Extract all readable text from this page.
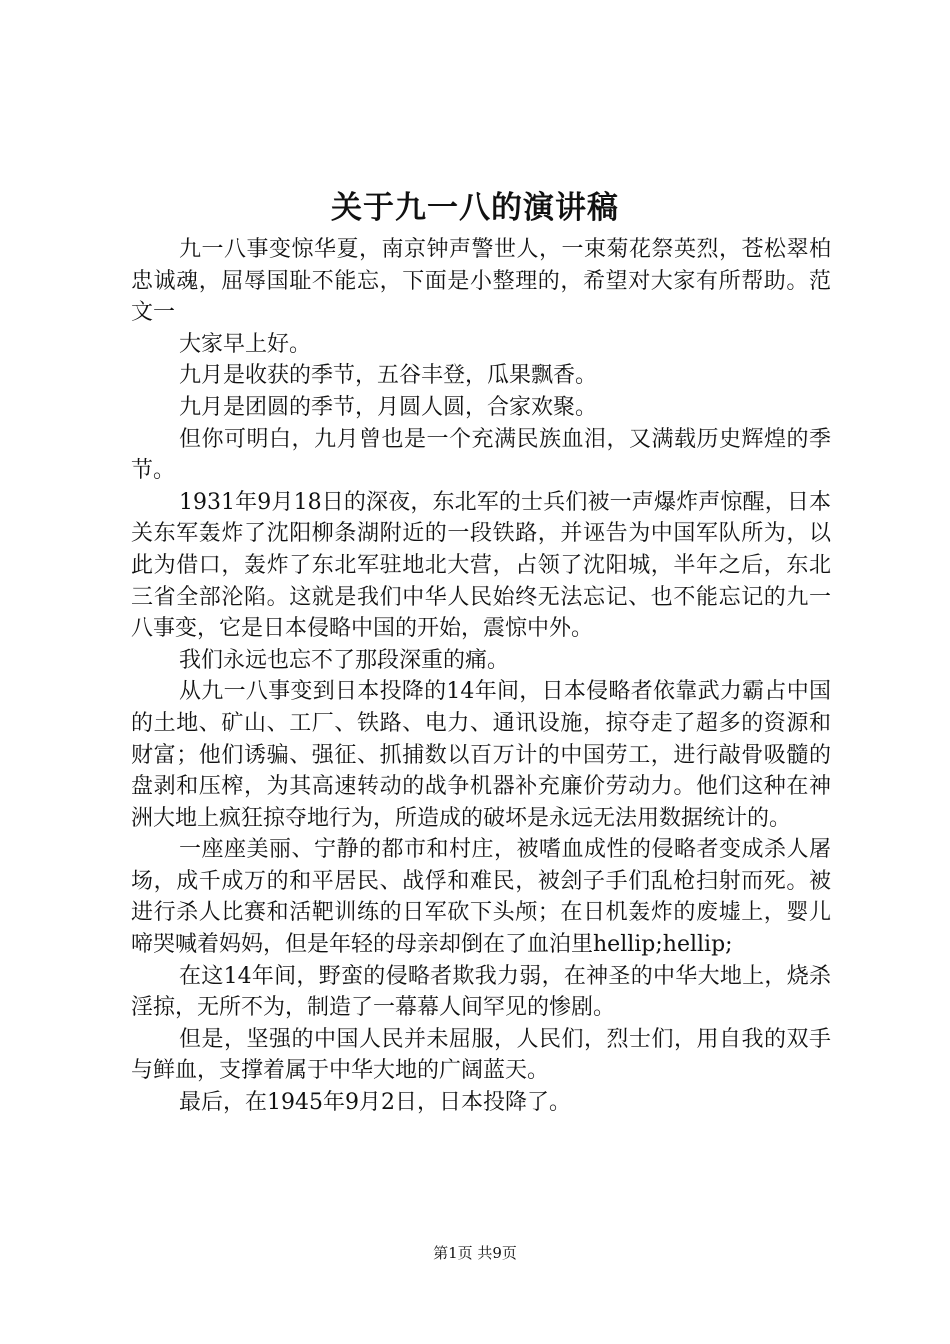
关于九一八的演讲稿

九一八事变惊华夏，南京钟声警世人，一束菊花祭英烈，苍松翠柏忠诚魂，屈辱国耻不能忘，下面是小整理的，希望对大家有所帮助。范文一

大家早上好。

九月是收获的季节，五谷丰登，瓜果飘香。

九月是团圆的季节，月圆人圆，合家欢聚。

但你可明白，九月曾也是一个充满民族血泪，又满载历史辉煌的季节。

1931年9月18日的深夜，东北军的士兵们被一声爆炸声惊醒，日本关东军轰炸了沈阳柳条湖附近的一段铁路，并诬告为中国军队所为，以此为借口，轰炸了东北军驻地北大营，占领了沈阳城，半年之后，东北三省全部沦陷。这就是我们中华人民始终无法忘记、也不能忘记的九一八事变，它是日本侵略中国的开始，震惊中外。

我们永远也忘不了那段深重的痛。

从九一八事变到日本投降的14年间，日本侵略者依靠武力霸占中国的土地、矿山、工厂、铁路、电力、通讯设施，掠夺走了超多的资源和财富；他们诱骗、强征、抓捕数以百万计的中国劳工，进行敲骨吸髓的盘剥和压榨，为其高速转动的战争机器补充廉价劳动力。他们这种在神洲大地上疯狂掠夺地行为，所造成的破坏是永远无法用数据统计的。

一座座美丽、宁静的都市和村庄，被嗜血成性的侵略者变成杀人屠场，成千成万的和平居民、战俘和难民，被刽子手们乱枪扫射而死。被进行杀人比赛和活靶训练的日军砍下头颅；在日机轰炸的废墟上，婴儿啼哭喊着妈妈，但是年轻的母亲却倒在了血泊里hellip;hellip;

在这14年间，野蛮的侵略者欺我力弱，在神圣的中华大地上，烧杀淫掠，无所不为，制造了一幕幕人间罕见的惨剧。

但是，坚强的中国人民并未屈服，人民们，烈士们，用自我的双手与鲜血，支撑着属于中华大地的广阔蓝天。

最后，在1945年9月2日，日本投降了。

第1页 共9页
